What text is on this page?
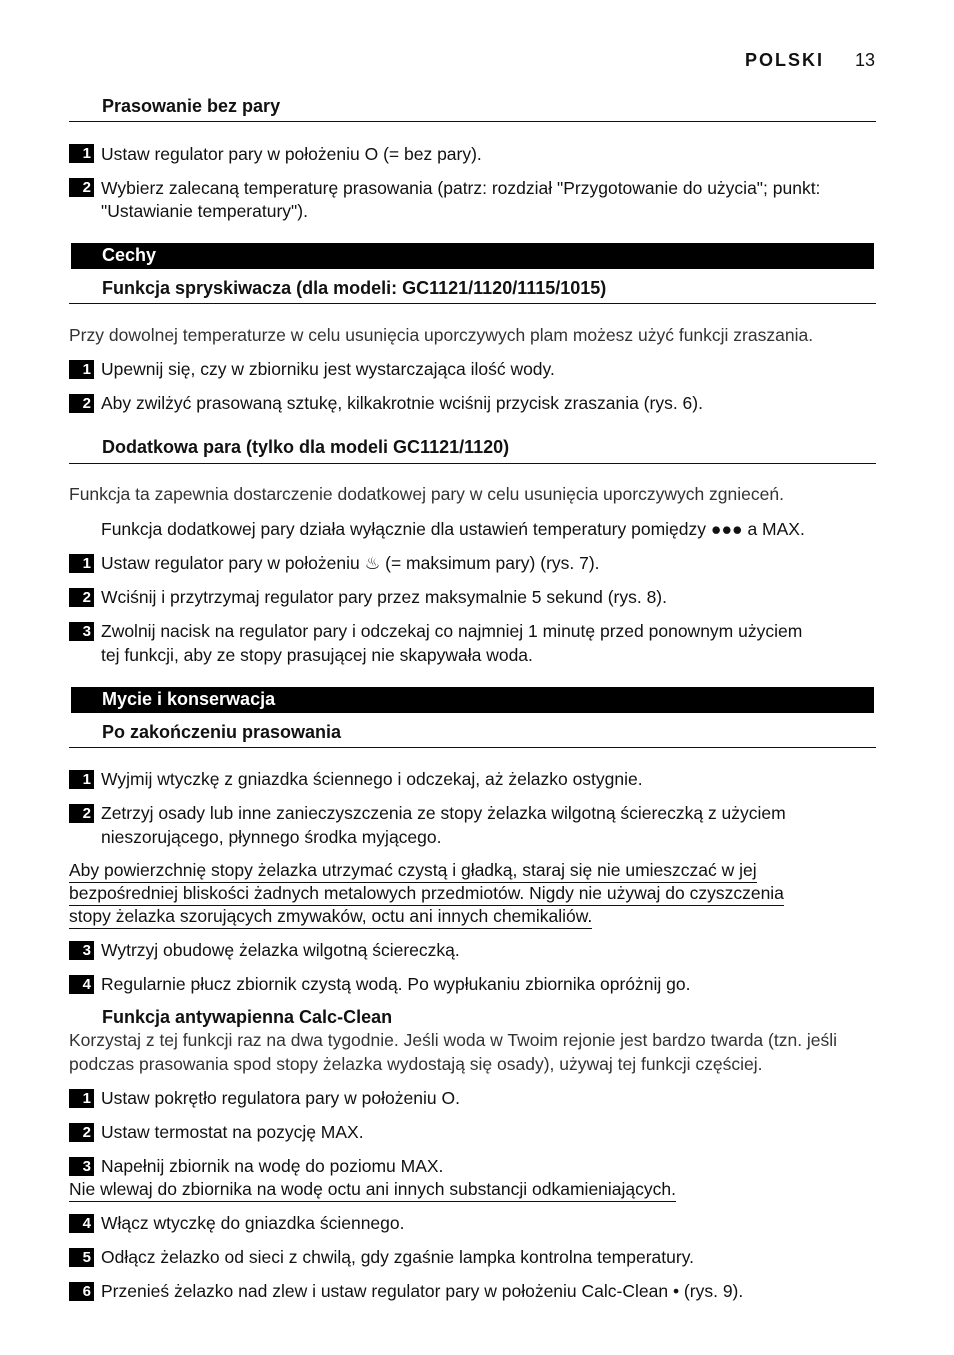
POLSKI 13
Prasowanie bez pary
1 Ustaw regulator pary w położeniu O (= bez pary).
2 Wybierz zalecaną temperaturę prasowania (patrz: rozdział "Przygotowanie do użycia"; punkt:
"Ustawianie temperatury").
Cechy
Funkcja spryskiwacza (dla modeli: GC1121/1120/1115/1015)
Przy dowolnej temperaturze w celu usunięcia uporczywych plam możesz użyć funkcji zraszania.
1 Upewnij się, czy w zbiorniku jest wystarczająca ilość wody.
2 Aby zwilżyć prasowaną sztukę, kilkakrotnie wciśnij przycisk zraszania (rys. 6).
Dodatkowa para (tylko dla modeli GC1121/1120)
Funkcja ta zapewnia dostarczenie dodatkowej pary w celu usunięcia uporczywych zgnieceń.
Funkcja dodatkowej pary działa wyłącznie dla ustawień temperatury pomiędzy ●●● a MAX.
1 Ustaw regulator pary w położeniu ♨ (= maksimum pary) (rys. 7).
2 Wciśnij i przytrzymaj regulator pary przez maksymalnie 5 sekund (rys. 8).
3 Zwolnij nacisk na regulator pary i odczekaj co najmniej 1 minutę przed ponownym użyciem
tej funkcji, aby ze stopy prasującej nie skapywała woda.
Mycie i konserwacja
Po zakończeniu prasowania
1 Wyjmij wtyczkę z gniazdka ściennego i odczekaj, aż żelazko ostygnie.
2 Zetrzyj osady lub inne zanieczyszczenia ze stopy żelazka wilgotną ściereczką z użyciem
nieszorującego, płynnego środka myjącego.
Aby powierzchnię stopy żelazka utrzymać czystą i gładką, staraj się nie umieszczać w jej
bezpośredniej bliskości żadnych metalowych przedmiotów. Nigdy nie używaj do czyszczenia
stopy żelazka szorujących zmywaków, octu ani innych chemikaliów.
3 Wytrzyj obudowę żelazka wilgotną ściereczką.
4 Regularnie płucz zbiornik czystą wodą. Po wypłukaniu zbiornika opróżnij go.
Funkcja antywapienna Calc-Clean
Korzystaj z tej funkcji raz na dwa tygodnie. Jeśli woda w Twoim rejonie jest bardzo twarda (tzn. jeśli
podczas prasowania spod stopy żelazka wydostają się osady), używaj tej funkcji częściej.
1 Ustaw pokrętło regulatora pary w położeniu O.
2 Ustaw termostat na pozycję MAX.
3 Napełnij zbiornik na wodę do poziomu MAX.
Nie wlewaj do zbiornika na wodę octu ani innych substancji odkamieniających.
4 Włącz wtyczkę do gniazdka ściennego.
5 Odłącz żelazko od sieci z chwilą, gdy zgaśnie lampka kontrolna temperatury.
6 Przenieś żelazko nad zlew i ustaw regulator pary w położeniu Calc-Clean • (rys. 9).
